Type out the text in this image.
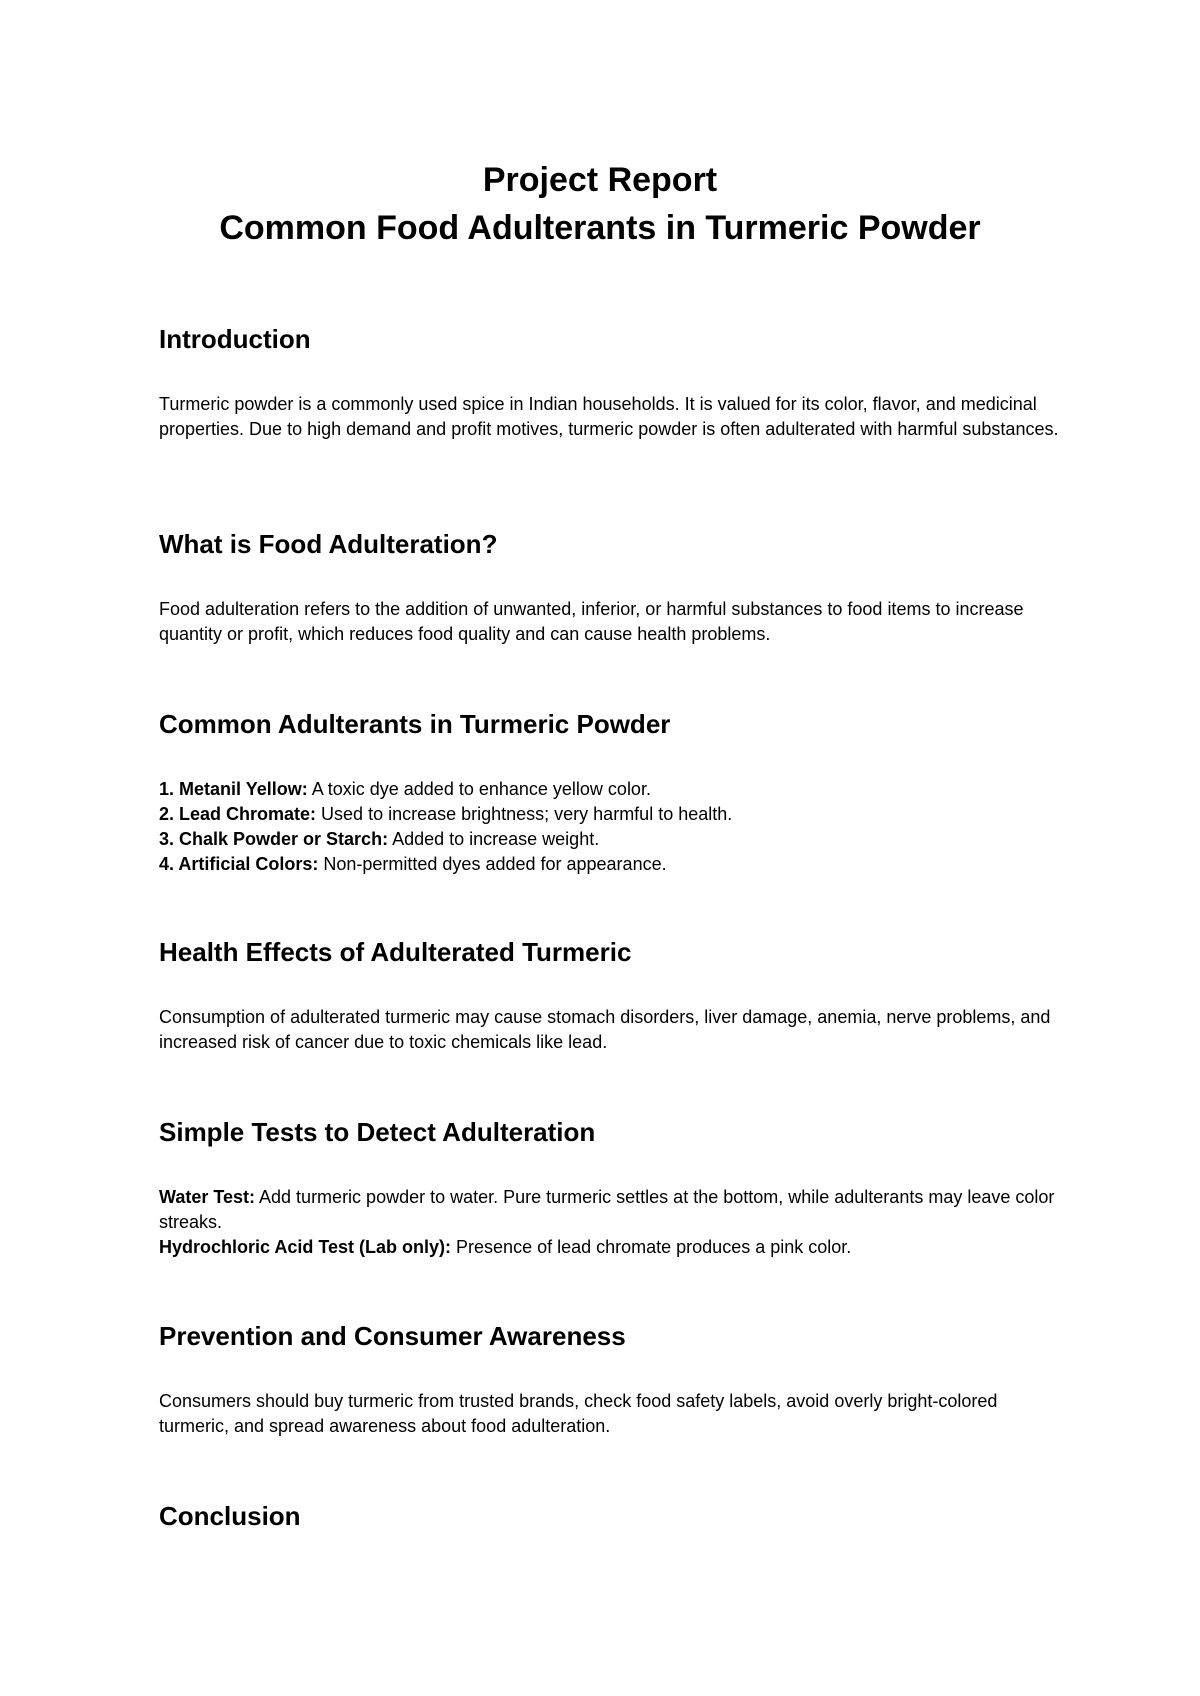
Project Report
Common Food Adulterants in Turmeric Powder
Introduction

Turmeric powder is a commonly used spice in Indian households. It is valued for its color, flavor, and medicinal properties. Due to high demand and profit motives, turmeric powder is often adulterated with harmful substances.

What is Food Adulteration?

Food adulteration refers to the addition of unwanted, inferior, or harmful substances to food items to increase quantity or profit, which reduces food quality and can cause health problems.

Common Adulterants in Turmeric Powder

1. Metanil Yellow: A toxic dye added to enhance yellow color.
2. Lead Chromate: Used to increase brightness; very harmful to health.
3. Chalk Powder or Starch: Added to increase weight.
4. Artificial Colors: Non-permitted dyes added for appearance.

Health Effects of Adulterated Turmeric

Consumption of adulterated turmeric may cause stomach disorders, liver damage, anemia, nerve problems, and increased risk of cancer due to toxic chemicals like lead.

Simple Tests to Detect Adulteration

Water Test: Add turmeric powder to water. Pure turmeric settles at the bottom, while adulterants may leave color streaks.
Hydrochloric Acid Test (Lab only): Presence of lead chromate produces a pink color.

Prevention and Consumer Awareness

Consumers should buy turmeric from trusted brands, check food safety labels, avoid overly bright-colored turmeric, and spread awareness about food adulteration.

Conclusion
